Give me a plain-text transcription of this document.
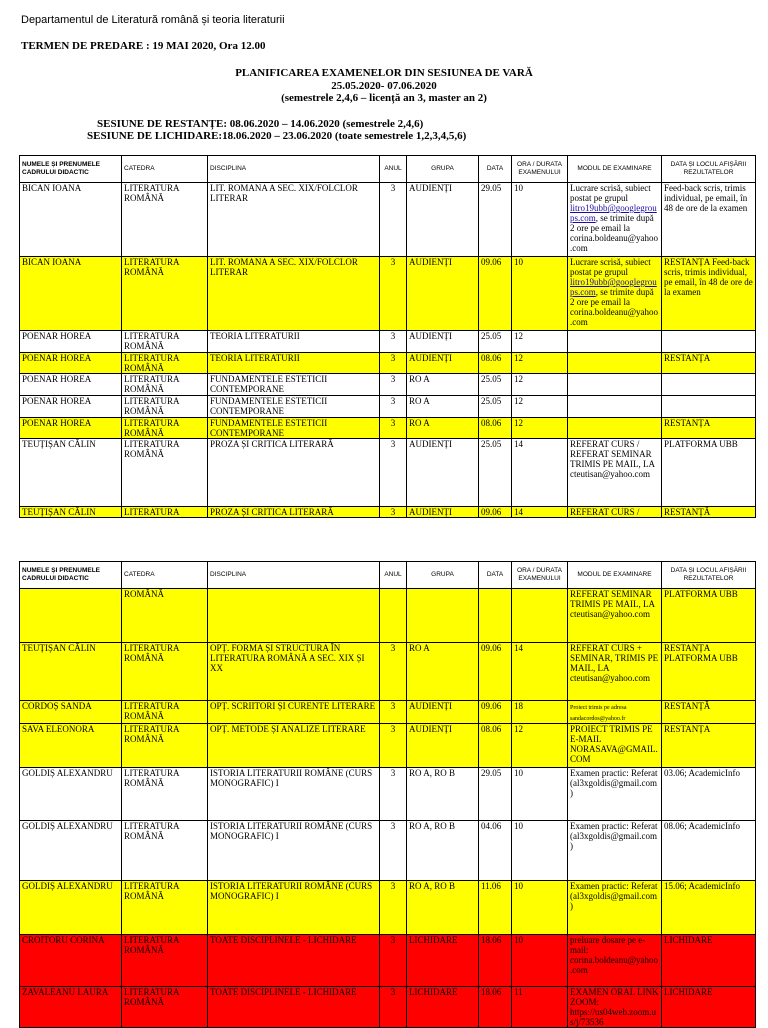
Departamentul de Literatură română și teoria literaturii
TERMEN DE PREDARE : 19 MAI 2020, Ora 12.00
PLANIFICAREA EXAMENELOR DIN SESIUNEA DE VARĂ
25.05.2020- 07.06.2020
(semestrele 2,4,6 – licență an 3, master an 2)
SESIUNE DE RESTANȚE: 08.06.2020 – 14.06.2020 (semestrele 2,4,6)
SESIUNE DE LICHIDARE:18.06.2020 – 23.06.2020 (toate semestrele 1,2,3,4,5,6)
NUMELE ȘI PRENUMELE CADRULUI DIDACTIC	CATEDRA	DISCIPLINA	ANUL	GRUPA	DATA	ORA / DURATA EXAMENULUI	MODUL DE EXAMINARE	DATA ȘI LOCUL AFIȘĂRII REZULTATELOR
BICAN IOANA	LITERATURA ROMÂNĂ	LIT. ROMANA A SEC. XIX/FOLCLOR LITERAR	3	AUDIENȚI	29.05	10	Lucrare scrisă, subiect postat pe grupul litro19ubb@googlegroups.com, se trimite după 2 ore pe email la corina.boldeanu@yahoo.com	Feed-back scris, trimis individual, pe email, în 48 de ore de la examen
BICAN IOANA	LITERATURA ROMÂNĂ	LIT. ROMANA A SEC. XIX/FOLCLOR LITERAR	3	AUDIENȚI	09.06	10	Lucrare scrisă, subiect postat pe grupul litro19ubb@googlegroups.com, se trimite după 2 ore pe email la corina.boldeanu@yahoo.com	RESTANȚA Feed-back scris, trimis individual, pe email, în 48 de ore de la examen
POENAR HOREA	LITERATURA ROMÂNĂ	TEORIA LITERATURII	3	AUDIENȚI	25.05	12		
POENAR HOREA	LITERATURA ROMÂNĂ	TEORIA LITERATURII	3	AUDIENȚI	08.06	12		RESTANȚA
POENAR HOREA	LITERATURA ROMÂNĂ	FUNDAMENTELE ESTETICII CONTEMPORANE	3	RO A	25.05	12		
POENAR HOREA	LITERATURA ROMÂNĂ	FUNDAMENTELE ESTETICII CONTEMPORANE	3	RO A	25.05	12		
POENAR HOREA	LITERATURA ROMÂNĂ	FUNDAMENTELE ESTETICII CONTEMPORANE	3	RO A	08.06	12		RESTANȚA
TEUȚIȘAN CĂLIN	LITERATURA ROMÂNĂ	PROZA ȘI CRITICA LITERARĂ	3	AUDIENȚI	25.05	14	REFERAT CURS / REFERAT SEMINAR TRIMIS PE MAIL, LA cteutisan@yahoo.com	PLATFORMA UBB
TEUȚIȘAN CĂLIN	LITERATURA	PROZA ȘI CRITICA LITERARĂ	3	AUDIENȚI	09.06	14	REFERAT CURS /	RESTANȚĂ
NUMELE ȘI PRENUMELE CADRULUI DIDACTIC	CATEDRA	DISCIPLINA	ANUL	GRUPA	DATA	ORA / DURATA EXAMENULUI	MODUL DE EXAMINARE	DATA ȘI LOCUL AFIȘĂRII REZULTATELOR
	ROMÂNĂ						REFERAT SEMINAR TRIMIS PE MAIL, LA cteutisan@yahoo.com	PLATFORMA UBB
TEUȚIȘAN CĂLIN	LITERATURA ROMÂNĂ	OPȚ. FORMA ȘI STRUCTURA ÎN LITERATURA ROMÂNĂ A SEC. XIX ȘI XX	3	RO A	09.06	14	REFERAT CURS + SEMINAR, TRIMIS PE MAIL, LA cteutisan@yahoo.com	RESTANȚA PLATFORMA UBB
CORDOȘ SANDA	LITERATURA ROMÂNĂ	OPȚ. SCRIITORI ȘI CURENTE LITERARE	3	AUDIENȚI	09.06	18	Proiect trimis pe adresa sandacordos@yahoo.fr	RESTANȚĂ
SAVA ELEONORA	LITERATURA ROMÂNĂ	OPȚ. METODE ȘI ANALIZE LITERARE	3	AUDIENȚI	08.06	12	PROIECT TRIMIS PE E-MAIL NORASAVA@GMAIL.COM	RESTANȚA
GOLDIȘ ALEXANDRU	LITERATURA ROMÂNĂ	ISTORIA LITERATURII ROMÂNE (CURS MONOGRAFIC) I	3	RO A, RO B	29.05	10	Examen practic: Referat (al3xgoldis@gmail.com)	03.06; AcademicInfo
GOLDIȘ ALEXANDRU	LITERATURA ROMÂNĂ	ISTORIA LITERATURII ROMÂNE (CURS MONOGRAFIC) I	3	RO A, RO B	04.06	10	Examen practic: Referat (al3xgoldis@gmail.com)	08.06; AcademicInfo
GOLDIȘ ALEXANDRU	LITERATURA ROMÂNĂ	ISTORIA LITERATURII ROMÂNE (CURS MONOGRAFIC) I	3	RO A, RO B	11.06	10	Examen practic: Referat (al3xgoldis@gmail.com)	15.06; AcademicInfo
CROITORU CORINA	LITERATURA ROMÂNĂ	TOATE DISCIPLINELE - LICHIDARE	3	LICHIDARE	18.06	10	preluare dosare pe e-mail: corina.boldeanu@yahoo.com	LICHIDARE
ZAVALEANU LAURA	LITERATURA ROMÂNĂ	TOATE DISCIPLINELE - LICHIDARE	3	LICHIDARE	18.06	11	EXAMEN ORAL LINK ZOOM: https://us04web.zoom.us/j/73536	LICHIDARE
